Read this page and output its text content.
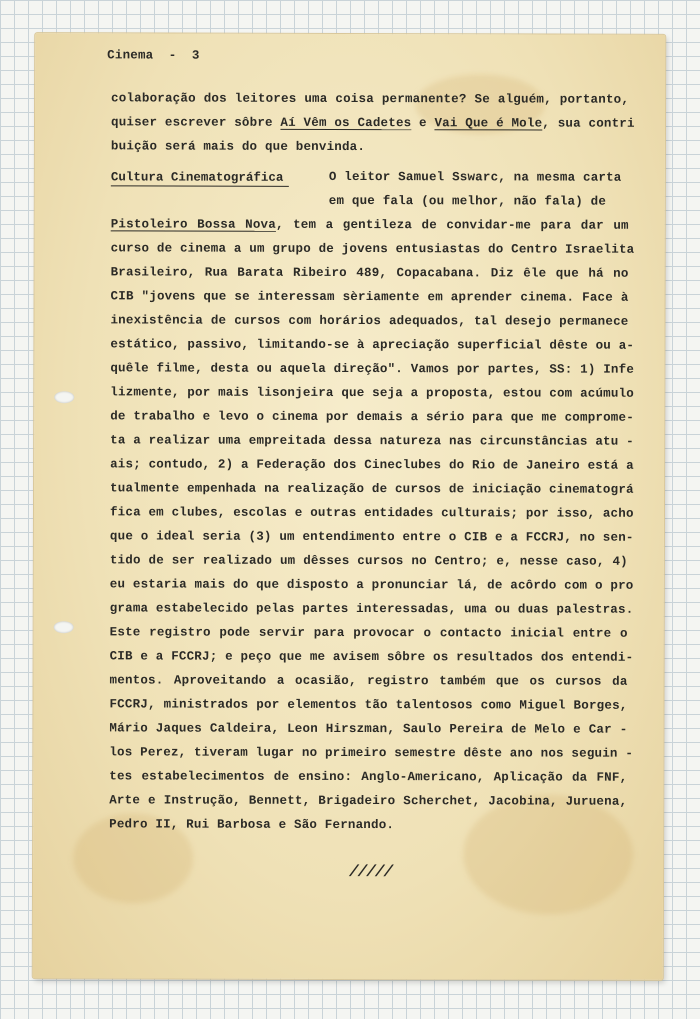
Cinema  -  3
colaboração dos leitores uma coisa permanente? Se alguém, portanto,
quiser escrever sôbre Aí Vêm os Cadetes e Vai Que é Mole, sua contri
buição será mais do que benvinda.
Cultura Cinematográfica	O leitor Samuel Sswarc, na mesma carta
em que fala (ou melhor, não fala) de
Pistoleiro Bossa Nova, tem a gentileza de convidar-me para dar um
curso de cinema a um grupo de jovens entusiastas do Centro Israelita
Brasileiro, Rua Barata Ribeiro 489, Copacabana. Diz êle que há no
CIB "jovens que se interessam sèriamente em aprender cinema. Face à
inexistência de cursos com horários adequados, tal desejo permanece
estático, passivo, limitando-se à apreciação superficial dêste ou a-
quêle filme, desta ou aquela direção". Vamos por partes, SS: 1) Infe
lizmente, por mais lisonjeira que seja a proposta, estou com acúmulo
de trabalho e levo o cinema por demais a sério para que me comprome-
ta a realizar uma empreitada dessa natureza nas circunstâncias atu -
ais; contudo, 2) a Federação dos Cineclubes do Rio de Janeiro está a
tualmente empenhada na realização de cursos de iniciação cinematográ
fica em clubes, escolas e outras entidades culturais; por isso, acho
que o ideal seria (3) um entendimento entre o CIB e a FCCRJ, no sen-
tido de ser realizado um dêsses cursos no Centro; e, nesse caso, 4)
eu estaria mais do que disposto a pronunciar lá, de acôrdo com o pro
grama estabelecido pelas partes interessadas, uma ou duas palestras.
Este registro pode servir para provocar o contacto inicial entre o
CIB e a FCCRJ; e peço que me avisem sôbre os resultados dos entendi-
mentos. Aproveitando a ocasião, registro também que os cursos da
FCCRJ, ministrados por elementos tão talentosos como Miguel Borges,
Mário Jaques Caldeira, Leon Hirszman, Saulo Pereira de Melo e Car -
los Perez, tiveram lugar no primeiro semestre dêste ano nos seguin -
tes estabelecimentos de ensino: Anglo-Americano, Aplicação da FNF,
Arte e Instrução, Bennett, Brigadeiro Scherchet, Jacobina, Juruena,
Pedro II, Rui Barbosa e São Fernando.
/////
